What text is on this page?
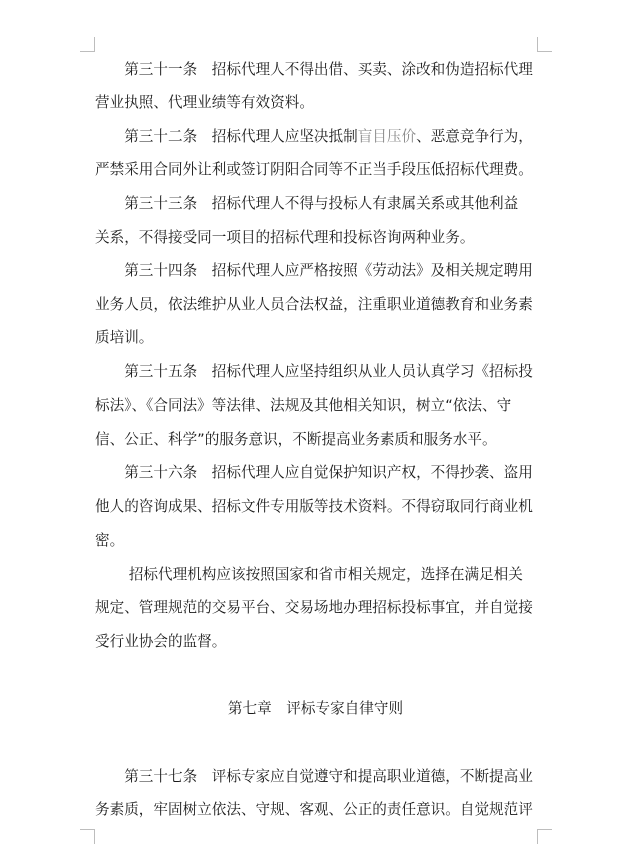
　　第三十一条　招标代理人不得出借、买卖、涂改和伪造招标代理
营业执照、代理业绩等有效资料。
　　第三十二条　招标代理人应坚决抵制盲目压价、恶意竞争行为，
严禁采用合同外让利或签订阴阳合同等不正当手段压低招标代理费。
　　第三十三条　招标代理人不得与投标人有隶属关系或其他利益
关系，不得接受同一项目的招标代理和投标咨询两种业务。
　　第三十四条　招标代理人应严格按照《劳动法》及相关规定聘用
业务人员，依法维护从业人员合法权益，注重职业道德教育和业务素
质培训。
　　第三十五条　招标代理人应坚持组织从业人员认真学习《招标投
标法》、《合同法》等法律、法规及其他相关知识，树立“依法、守
信、公正、科学”的服务意识，不断提高业务素质和服务水平。
　　第三十六条　招标代理人应自觉保护知识产权，不得抄袭、盗用
他人的咨询成果、招标文件专用版等技术资料。不得窃取同行商业机
密。
　　 招标代理机构应该按照国家和省市相关规定，选择在满足相关
规定、管理规范的交易平台、交易场地办理招标投标事宜，并自觉接
受行业协会的监督。
第七章　评标专家自律守则
　　第三十七条　评标专家应自觉遵守和提高职业道德，不断提高业
务素质，牢固树立依法、守规、客观、公正的责任意识。自觉规范评
